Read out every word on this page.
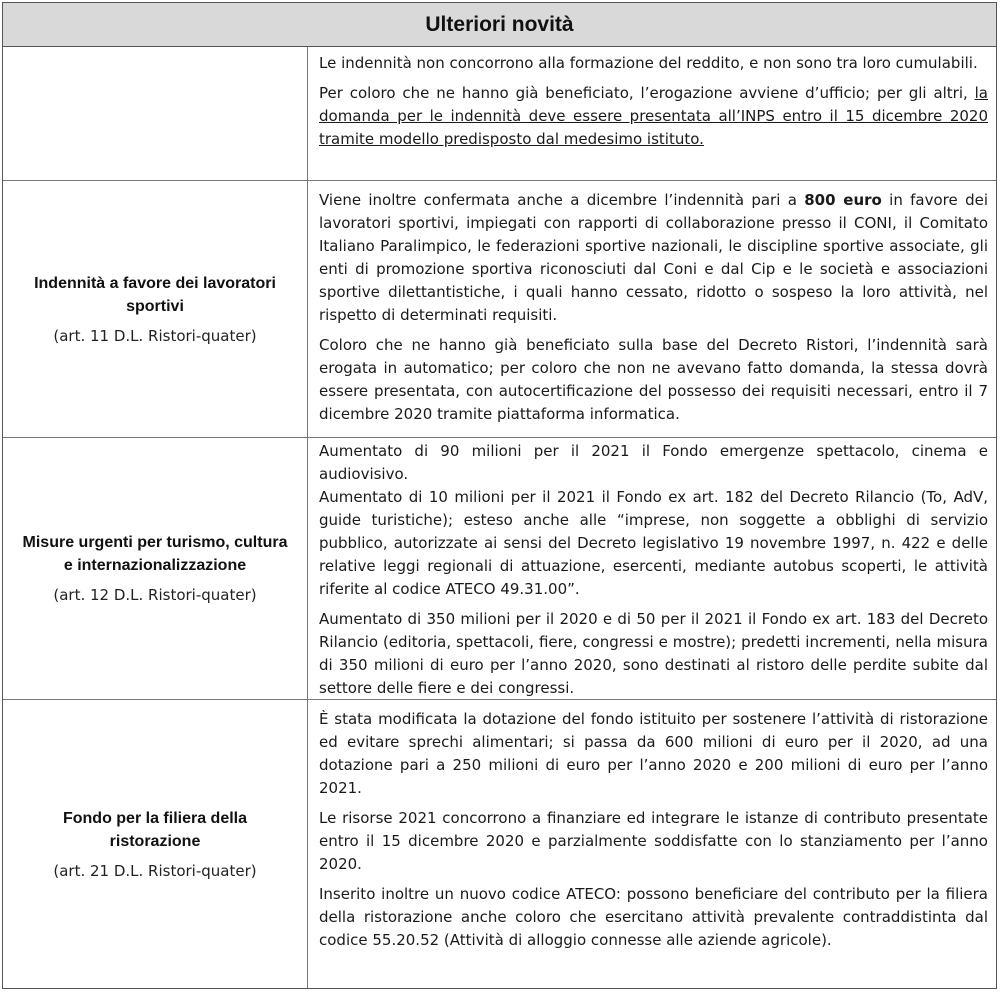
Ulteriori novità

Le indennità non concorrono alla formazione del reddito, e non sono tra loro cumulabili.

Per coloro che ne hanno già beneficiato, l’erogazione avviene d’ufficio; per gli altri, la domanda per le indennità deve essere presentata all’INPS entro il 15 dicembre 2020 tramite modello predisposto dal medesimo istituto.

Indennità a favore dei lavoratori sportivi
(art. 11 D.L. Ristori-quater)

Viene inoltre confermata anche a dicembre l’indennità pari a 800 euro in favore dei lavoratori sportivi, impiegati con rapporti di collaborazione presso il CONI, il Comitato Italiano Paralimpico, le federazioni sportive nazionali, le discipline sportive associate, gli enti di promozione sportiva riconosciuti dal Coni e dal Cip e le società e associazioni sportive dilettantistiche, i quali hanno cessato, ridotto o sospeso la loro attività, nel rispetto di determinati requisiti.

Coloro che ne hanno già beneficiato sulla base del Decreto Ristori, l’indennità sarà erogata in automatico; per coloro che non ne avevano fatto domanda, la stessa dovrà essere presentata, con autocertificazione del possesso dei requisiti necessari, entro il 7 dicembre 2020 tramite piattaforma informatica.

Misure urgenti per turismo, cultura e internazionalizzazione
(art. 12 D.L. Ristori-quater)

Aumentato di 90 milioni per il 2021 il Fondo emergenze spettacolo, cinema e audiovisivo.

Aumentato di 10 milioni per il 2021 il Fondo ex art. 182 del Decreto Rilancio (To, AdV, guide turistiche); esteso anche alle “imprese, non soggette a obblighi di servizio pubblico, autorizzate ai sensi del Decreto legislativo 19 novembre 1997, n. 422 e delle relative leggi regionali di attuazione, esercenti, mediante autobus scoperti, le attività riferite al codice ATECO 49.31.00”.

Aumentato di 350 milioni per il 2020 e di 50 per il 2021 il Fondo ex art. 183 del Decreto Rilancio (editoria, spettacoli, fiere, congressi e mostre); predetti incrementi, nella misura di 350 milioni di euro per l’anno 2020, sono destinati al ristoro delle perdite subite dal settore delle fiere e dei congressi.

Fondo per la filiera della ristorazione
(art. 21 D.L. Ristori-quater)

È stata modificata la dotazione del fondo istituito per sostenere l’attività di ristorazione ed evitare sprechi alimentari; si passa da 600 milioni di euro per il 2020, ad una dotazione pari a 250 milioni di euro per l’anno 2020 e 200 milioni di euro per l’anno 2021.

Le risorse 2021 concorrono a finanziare ed integrare le istanze di contributo presentate entro il 15 dicembre 2020 e parzialmente soddisfatte con lo stanziamento per l’anno 2020.

Inserito inoltre un nuovo codice ATECO: possono beneficiare del contributo per la filiera della ristorazione anche coloro che esercitano attività prevalente contraddistinta dal codice 55.20.52 (Attività di alloggio connesse alle aziende agricole).
